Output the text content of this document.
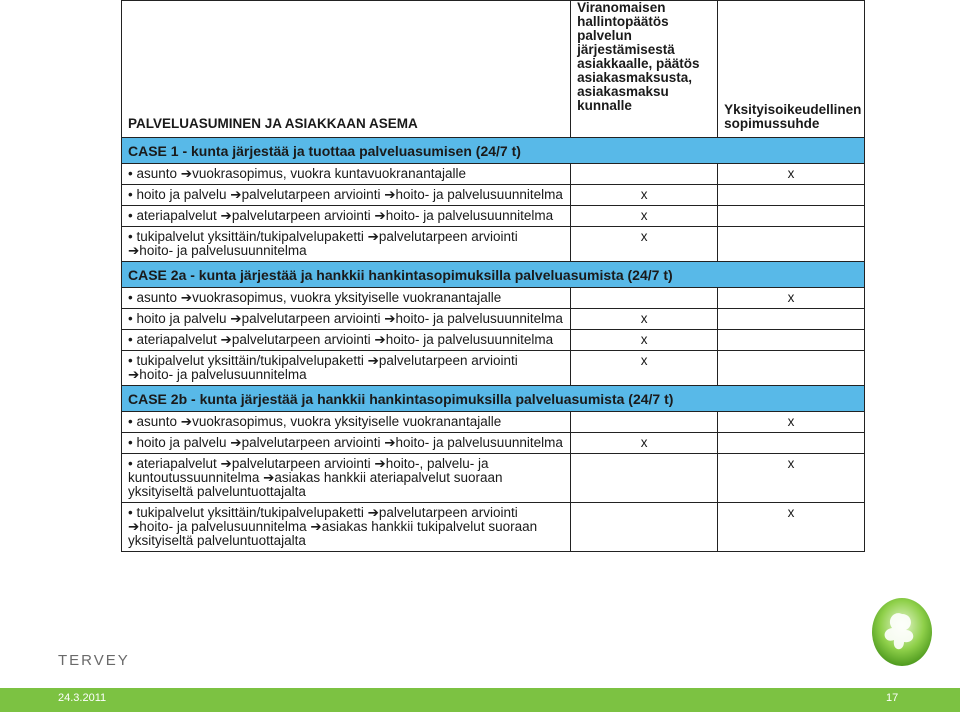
PALVELUASUMINEN JA ASIAKKAAN ASEMA	Viranomaisen hallintopäätös palvelun järjestämisestä asiakkaalle, päätös asiakasmaksusta, asiakasmaksu kunnalle	Yksityisoikeudellinen sopimussuhde
CASE 1 - kunta järjestää ja tuottaa palveluasumisen (24/7 t)		
• asunto ➔vuokrasopimus, vuokra kuntavuokranantajalle		x
• hoito ja palvelu ➔palvelutarpeen arviointi ➔hoito- ja palvelusuunnitelma	x	
• ateriapalvelut ➔palvelutarpeen arviointi ➔hoito- ja palvelusuunnitelma	x	
• tukipalvelut yksittäin/tukipalvelupaketti ➔palvelutarpeen arviointi ➔hoito- ja palvelusuunnitelma	x	
CASE 2a - kunta järjestää ja hankkii hankintasopimuksilla palveluasumista (24/7 t)		
• asunto ➔vuokrasopimus, vuokra yksityiselle vuokranantajalle		x
• hoito ja palvelu ➔palvelutarpeen arviointi ➔hoito- ja palvelusuunnitelma	x	
• ateriapalvelut ➔palvelutarpeen arviointi ➔hoito- ja palvelusuunnitelma	x	
• tukipalvelut yksittäin/tukipalvelupaketti ➔palvelutarpeen arviointi ➔hoito- ja palvelusuunnitelma	x	
CASE 2b - kunta järjestää ja hankkii hankintasopimuksilla palveluasumista (24/7 t)		
• asunto ➔vuokrasopimus, vuokra yksityiselle vuokranantajalle		x
• hoito ja palvelu ➔palvelutarpeen arviointi ➔hoito- ja palvelusuunnitelma	x	
• ateriapalvelut ➔palvelutarpeen arviointi ➔hoito-, palvelu- ja kuntoutussuunnitelma ➔asiakas hankkii ateriapalvelut suoraan yksityiseltä palveluntuottajalta		x
• tukipalvelut yksittäin/tukipalvelupaketti ➔palvelutarpeen arviointi ➔hoito- ja palvelusuunnitelma ➔asiakas hankkii tukipalvelut suoraan yksityiseltä palveluntuottajalta		x
TERVEY
24.3.2011	17
